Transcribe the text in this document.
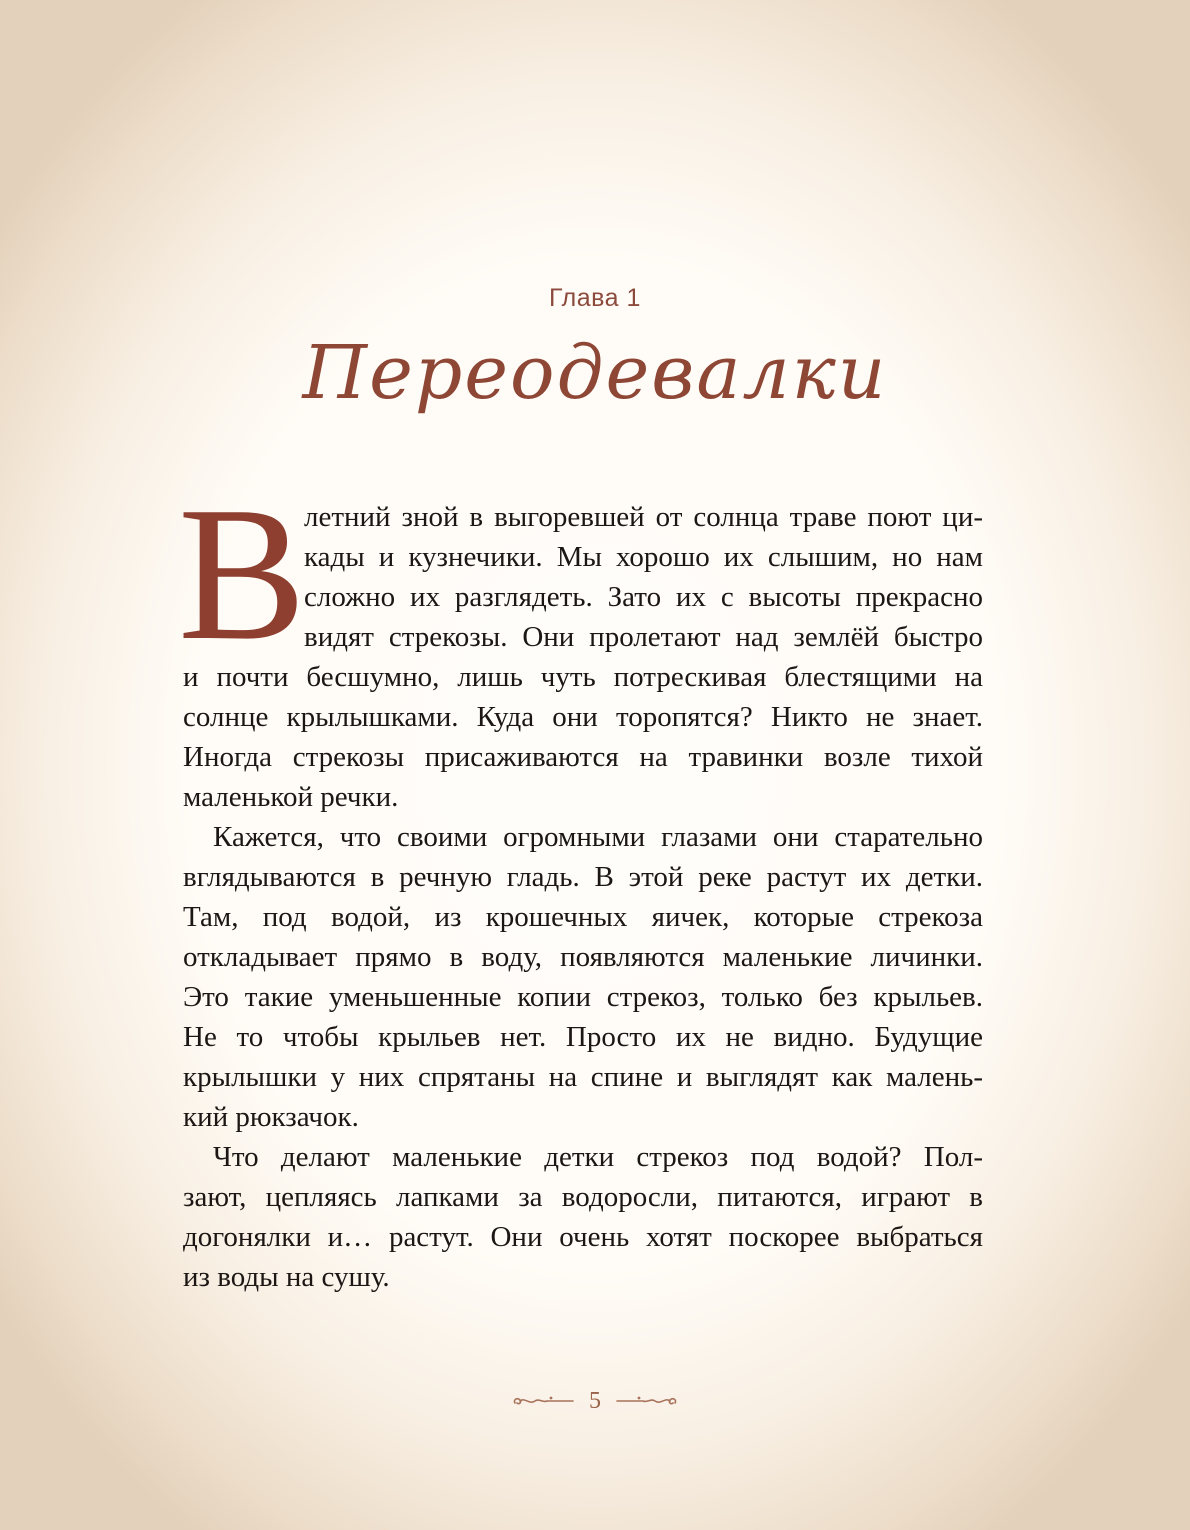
Глава 1
Переодевалки
В
летний зной в выгоревшей от солнца траве поют ци-
кады и кузнечики. Мы хорошо их слышим, но нам
сложно их разглядеть. Зато их с высоты прекрасно
видят стрекозы. Они пролетают над землёй быстро
и почти бесшумно, лишь чуть потрескивая блестящими на
солнце крылышками. Куда они торопятся? Никто не знает.
Иногда стрекозы присаживаются на травинки возле тихой
маленькой речки.
Кажется, что своими огромными глазами они старательно
вглядываются в речную гладь. В этой реке растут их детки.
Там, под водой, из крошечных яичек, которые стрекоза
откладывает прямо в воду, появляются маленькие личинки.
Это такие уменьшенные копии стрекоз, только без крыльев.
Не то чтобы крыльев нет. Просто их не видно. Будущие
крылышки у них спрятаны на спине и выглядят как малень-
кий рюкзачок.
Что делают маленькие детки стрекоз под водой? Пол-
зают, цепляясь лапками за водоросли, питаются, играют в
догонялки и… растут. Они очень хотят поскорее выбраться
из воды на сушу.
5
